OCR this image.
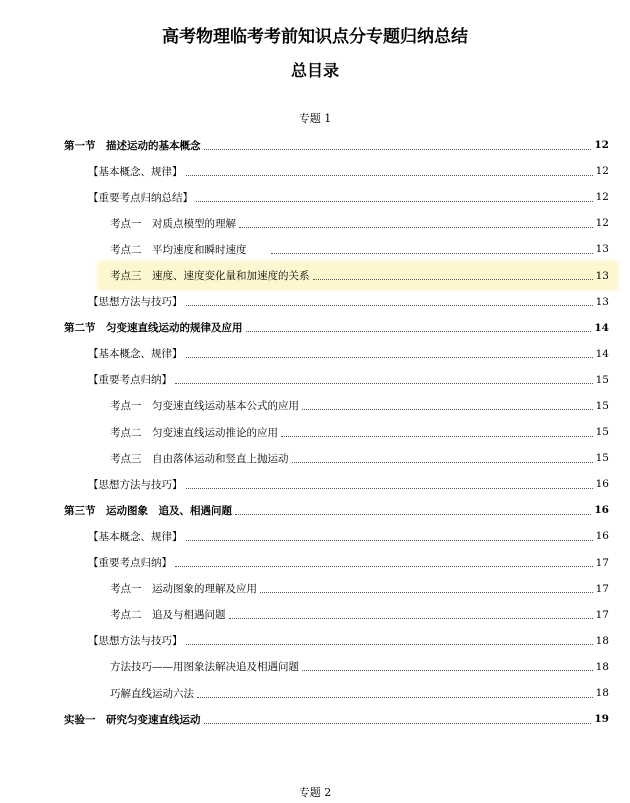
高考物理临考考前知识点分专题归纳总结
总目录
专题 1
第一节　描述运动的基本概念	12
【基本概念、规律】	12
【重要考点归纳总结】	12
考点一　对质点模型的理解	12
考点二　平均速度和瞬时速度　　	13
考点三　速度、速度变化量和加速度的关系	13
【思想方法与技巧】	13
第二节　匀变速直线运动的规律及应用	14
【基本概念、规律】	14
【重要考点归纳】	15
考点一　匀变速直线运动基本公式的应用	15
考点二　匀变速直线运动推论的应用	15
考点三　自由落体运动和竖直上抛运动	15
【思想方法与技巧】	16
第三节　运动图象　追及、相遇问题	16
【基本概念、规律】	16
【重要考点归纳】	17
考点一　运动图象的理解及应用	17
考点二　追及与相遇问题	17
【思想方法与技巧】	18
方法技巧——用图象法解决追及相遇问题	18
巧解直线运动六法	18
实验一　研究匀变速直线运动	19
专题 2
